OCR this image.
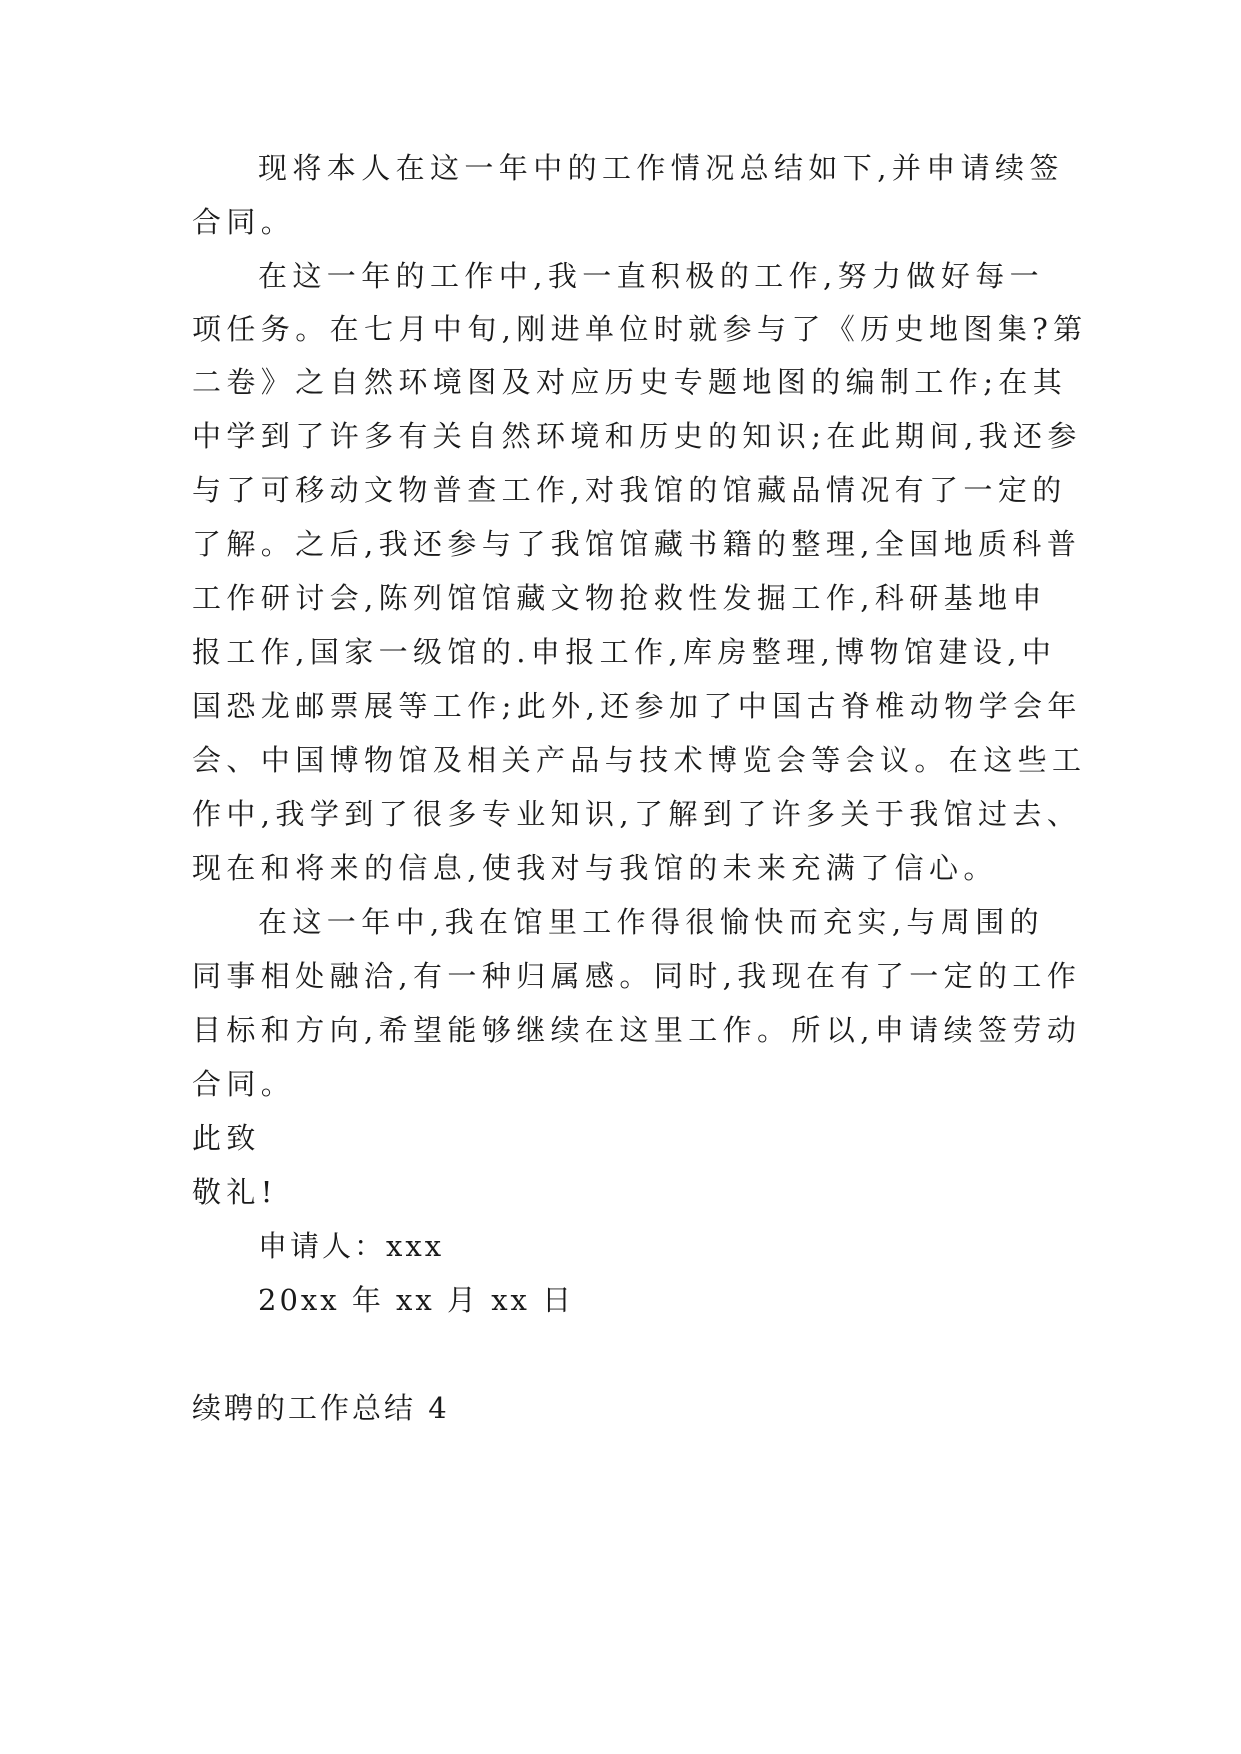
现将本人在这一年中的工作情况总结如下,并申请续签
合同。
在这一年的工作中,我一直积极的工作,努力做好每一
项任务。在七月中旬,刚进单位时就参与了《历史地图集?第
二卷》之自然环境图及对应历史专题地图的编制工作;在其
中学到了许多有关自然环境和历史的知识;在此期间,我还参
与了可移动文物普查工作,对我馆的馆藏品情况有了一定的
了解。之后,我还参与了我馆馆藏书籍的整理,全国地质科普
工作研讨会,陈列馆馆藏文物抢救性发掘工作,科研基地申
报工作,国家一级馆的.申报工作,库房整理,博物馆建设,中
国恐龙邮票展等工作;此外,还参加了中国古脊椎动物学会年
会、中国博物馆及相关产品与技术博览会等会议。在这些工
作中,我学到了很多专业知识,了解到了许多关于我馆过去、
现在和将来的信息,使我对与我馆的未来充满了信心。
在这一年中,我在馆里工作得很愉快而充实,与周围的
同事相处融洽,有一种归属感。同时,我现在有了一定的工作
目标和方向,希望能够继续在这里工作。所以,申请续签劳动
合同。
此致
敬礼!
申请人：xxx
20xx 年 xx 月 xx 日
续聘的工作总结 4
